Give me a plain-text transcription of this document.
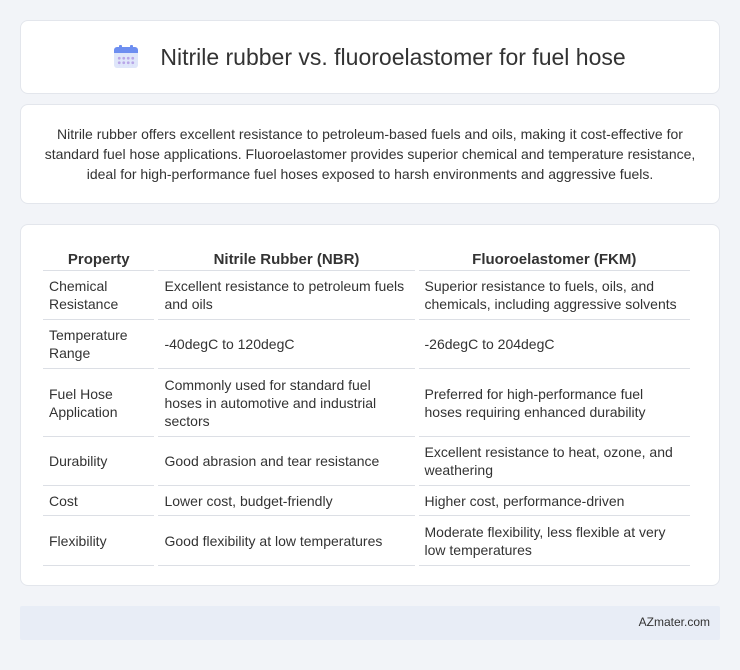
Nitrile rubber vs. fluoroelastomer for fuel hose

Nitrile rubber offers excellent resistance to petroleum-based fuels and oils, making it cost-effective for standard fuel hose applications. Fluoroelastomer provides superior chemical and temperature resistance, ideal for high-performance fuel hoses exposed to harsh environments and aggressive fuels.

Property	Nitrile Rubber (NBR)	Fluoroelastomer (FKM)
Chemical Resistance	Excellent resistance to petroleum fuels and oils	Superior resistance to fuels, oils, and chemicals, including aggressive solvents
Temperature Range	-40degC to 120degC	-26degC to 204degC
Fuel Hose Application	Commonly used for standard fuel hoses in automotive and industrial sectors	Preferred for high-performance fuel hoses requiring enhanced durability
Durability	Good abrasion and tear resistance	Excellent resistance to heat, ozone, and weathering
Cost	Lower cost, budget-friendly	Higher cost, performance-driven
Flexibility	Good flexibility at low temperatures	Moderate flexibility, less flexible at very low temperatures
AZmater.com
